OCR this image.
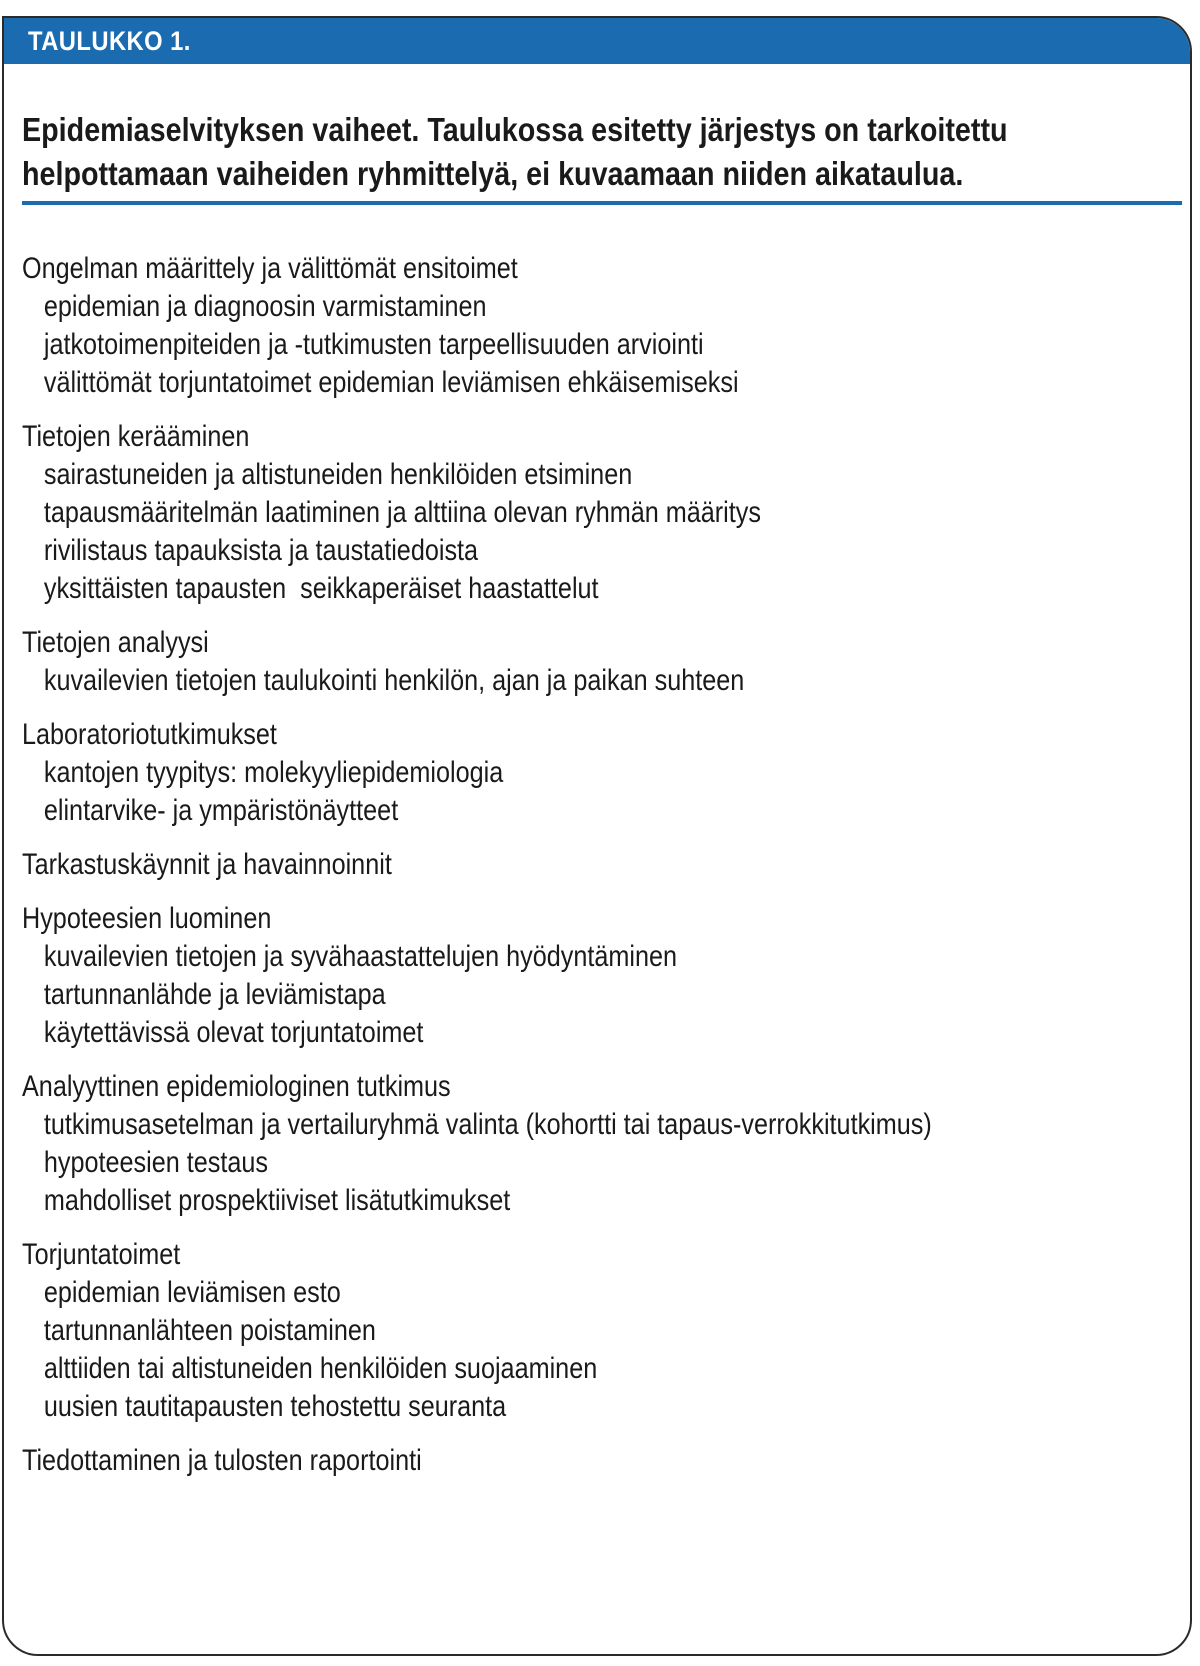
TAULUKKO 1.
Epidemiaselvityksen vaiheet. Taulukossa esitetty järjestys on tarkoitettu
helpottamaan vaiheiden ryhmittelyä, ei kuvaamaan niiden aikataulua.
Ongelman määrittely ja välittömät ensitoimet
epidemian ja diagnoosin varmistaminen
jatkotoimenpiteiden ja -tutkimusten tarpeellisuuden arviointi
välittömät torjuntatoimet epidemian leviämisen ehkäisemiseksi
Tietojen kerääminen
sairastuneiden ja altistuneiden henkilöiden etsiminen
tapausmääritelmän laatiminen ja alttiina olevan ryhmän määritys
rivilistaus tapauksista ja taustatiedoista
yksittäisten tapausten  seikkaperäiset haastattelut
Tietojen analyysi
kuvailevien tietojen taulukointi henkilön, ajan ja paikan suhteen
Laboratoriotutkimukset
kantojen tyypitys: molekyyliepidemiologia
elintarvike- ja ympäristönäytteet
Tarkastuskäynnit ja havainnoinnit
Hypoteesien luominen
kuvailevien tietojen ja syvähaastattelujen hyödyntäminen
tartunnanlähde ja leviämistapa
käytettävissä olevat torjuntatoimet
Analyyttinen epidemiologinen tutkimus
tutkimusasetelman ja vertailuryhmä valinta (kohortti tai tapaus-verrokkitutkimus)
hypoteesien testaus
mahdolliset prospektiiviset lisätutkimukset
Torjuntatoimet
epidemian leviämisen esto
tartunnanlähteen poistaminen
alttiiden tai altistuneiden henkilöiden suojaaminen
uusien tautitapausten tehostettu seuranta
Tiedottaminen ja tulosten raportointi
